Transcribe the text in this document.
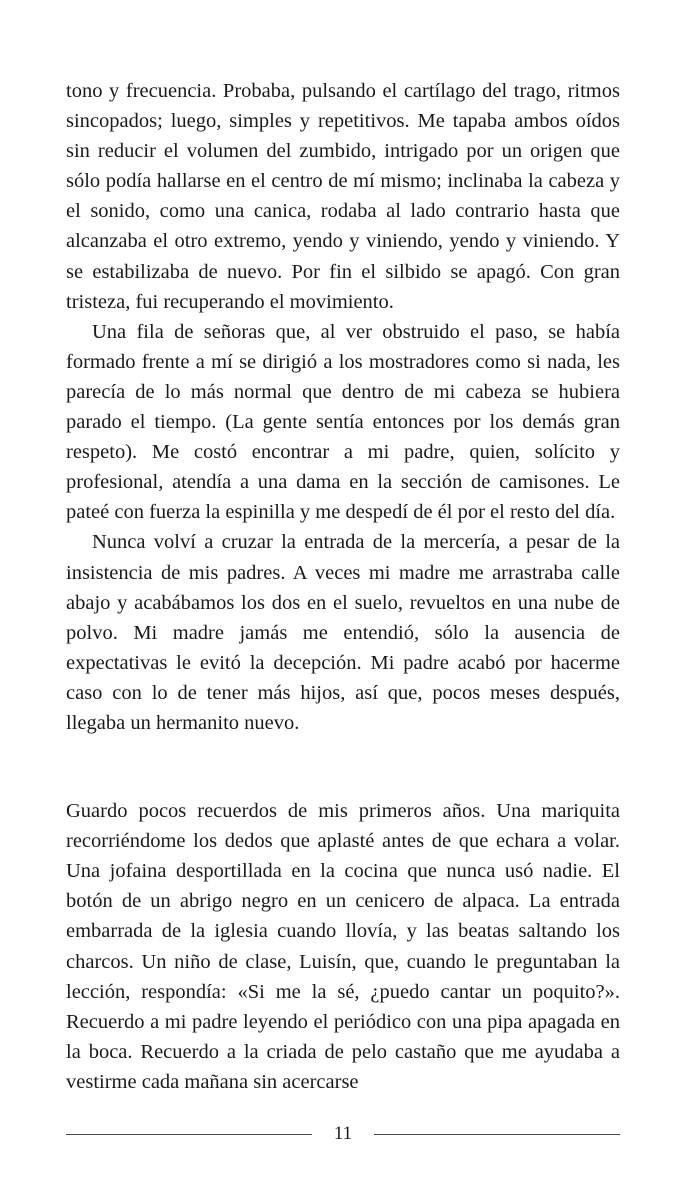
tono y frecuencia. Probaba, pulsando el cartílago del trago, ritmos sincopados; luego, simples y repetitivos. Me tapaba ambos oídos sin reducir el volumen del zumbido, intrigado por un origen que sólo podía hallarse en el centro de mí mismo; inclinaba la cabeza y el sonido, como una canica, rodaba al lado contrario hasta que alcanzaba el otro extremo, yendo y viniendo, yendo y viniendo. Y se estabilizaba de nuevo. Por fin el silbido se apagó. Con gran tristeza, fui recuperando el movimiento.

Una fila de señoras que, al ver obstruido el paso, se había formado frente a mí se dirigió a los mostradores como si nada, les parecía de lo más normal que dentro de mi cabeza se hubiera parado el tiempo. (La gente sentía entonces por los demás gran respeto). Me costó encontrar a mi padre, quien, solícito y profesional, atendía a una dama en la sección de camisones. Le pateé con fuerza la espinilla y me despedí de él por el resto del día.

Nunca volví a cruzar la entrada de la mercería, a pesar de la insistencia de mis padres. A veces mi madre me arrastraba calle abajo y acabábamos los dos en el suelo, revueltos en una nube de polvo. Mi madre jamás me entendió, sólo la ausencia de expectativas le evitó la decepción. Mi padre acabó por hacerme caso con lo de tener más hijos, así que, pocos meses después, llegaba un hermanito nuevo.

Guardo pocos recuerdos de mis primeros años. Una mariquita recorriéndome los dedos que aplasté antes de que echara a volar. Una jofaina desportillada en la cocina que nunca usó nadie. El botón de un abrigo negro en un cenicero de alpaca. La entrada embarrada de la iglesia cuando llovía, y las beatas saltando los charcos. Un niño de clase, Luisín, que, cuando le preguntaban la lección, respondía: «Si me la sé, ¿puedo cantar un poquito?». Recuerdo a mi padre leyendo el periódico con una pipa apagada en la boca. Recuerdo a la criada de pelo castaño que me ayudaba a vestirme cada mañana sin acercarse

11
